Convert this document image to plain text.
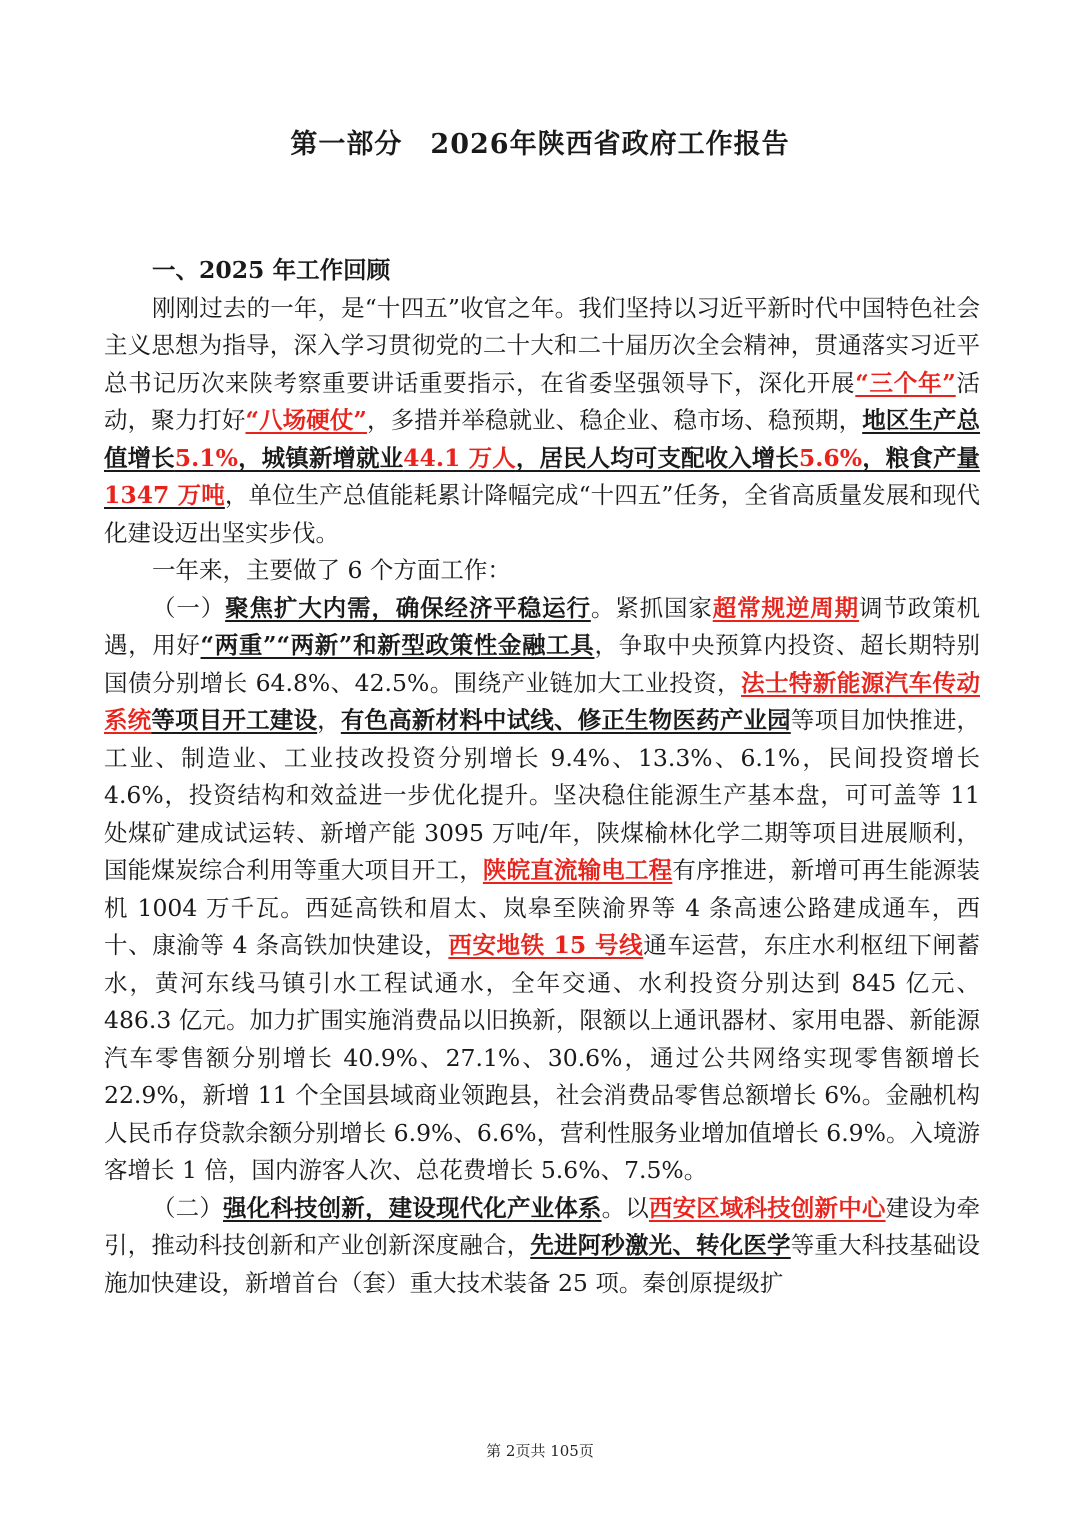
第一部分 2026年陕西省政府工作报告

一、2025 年工作回顾

刚刚过去的一年，是“十四五”收官之年。我们坚持以习近平新时代中国特色社会主义思想为指导，深入学习贯彻党的二十大和二十届历次全会精神，贯通落实习近平总书记历次来陕考察重要讲话重要指示，在省委坚强领导下，深化开展“三个年”活动，聚力打好“八场硬仗”，多措并举稳就业、稳企业、稳市场、稳预期，地区生产总值增长5.1%，城镇新增就业44.1 万人，居民人均可支配收入增长5.6%，粮食产量1347 万吨，单位生产总值能耗累计降幅完成“十四五”任务，全省高质量发展和现代化建设迈出坚实步伐。

一年来，主要做了 6 个方面工作：

（一）聚焦扩大内需，确保经济平稳运行。紧抓国家超常规逆周期调节政策机遇，用好“两重”“两新”和新型政策性金融工具，争取中央预算内投资、超长期特别国债分别增长 64.8%、42.5%。围绕产业链加大工业投资，法士特新能源汽车传动系统等项目开工建设，有色高新材料中试线、修正生物医药产业园等项目加快推进，工业、制造业、工业技改投资分别增长 9.4%、13.3%、6.1%，民间投资增长 4.6%，投资结构和效益进一步优化提升。坚决稳住能源生产基本盘，可可盖等 11 处煤矿建成试运转、新增产能 3095 万吨/年，陕煤榆林化学二期等项目进展顺利，国能煤炭综合利用等重大项目开工，陕皖直流输电工程有序推进，新增可再生能源装机 1004 万千瓦。西延高铁和眉太、岚皋至陕渝界等 4 条高速公路建成通车，西十、康渝等 4 条高铁加快建设，西安地铁 15 号线通车运营，东庄水利枢纽下闸蓄水，黄河东线马镇引水工程试通水，全年交通、水利投资分别达到 845 亿元、486.3 亿元。加力扩围实施消费品以旧换新，限额以上通讯器材、家用电器、新能源汽车零售额分别增长 40.9%、27.1%、30.6%，通过公共网络实现零售额增长 22.9%，新增 11 个全国县域商业领跑县，社会消费品零售总额增长 6%。金融机构人民币存贷款余额分别增长 6.9%、6.6%，营利性服务业增加值增长 6.9%。入境游客增长 1 倍，国内游客人次、总花费增长 5.6%、7.5%。

（二）强化科技创新，建设现代化产业体系。以西安区域科技创新中心建设为牵引，推动科技创新和产业创新深度融合，先进阿秒激光、转化医学等重大科技基础设施加快建设，新增首台（套）重大技术装备 25 项。秦创原提级扩

第 2页共 105页
